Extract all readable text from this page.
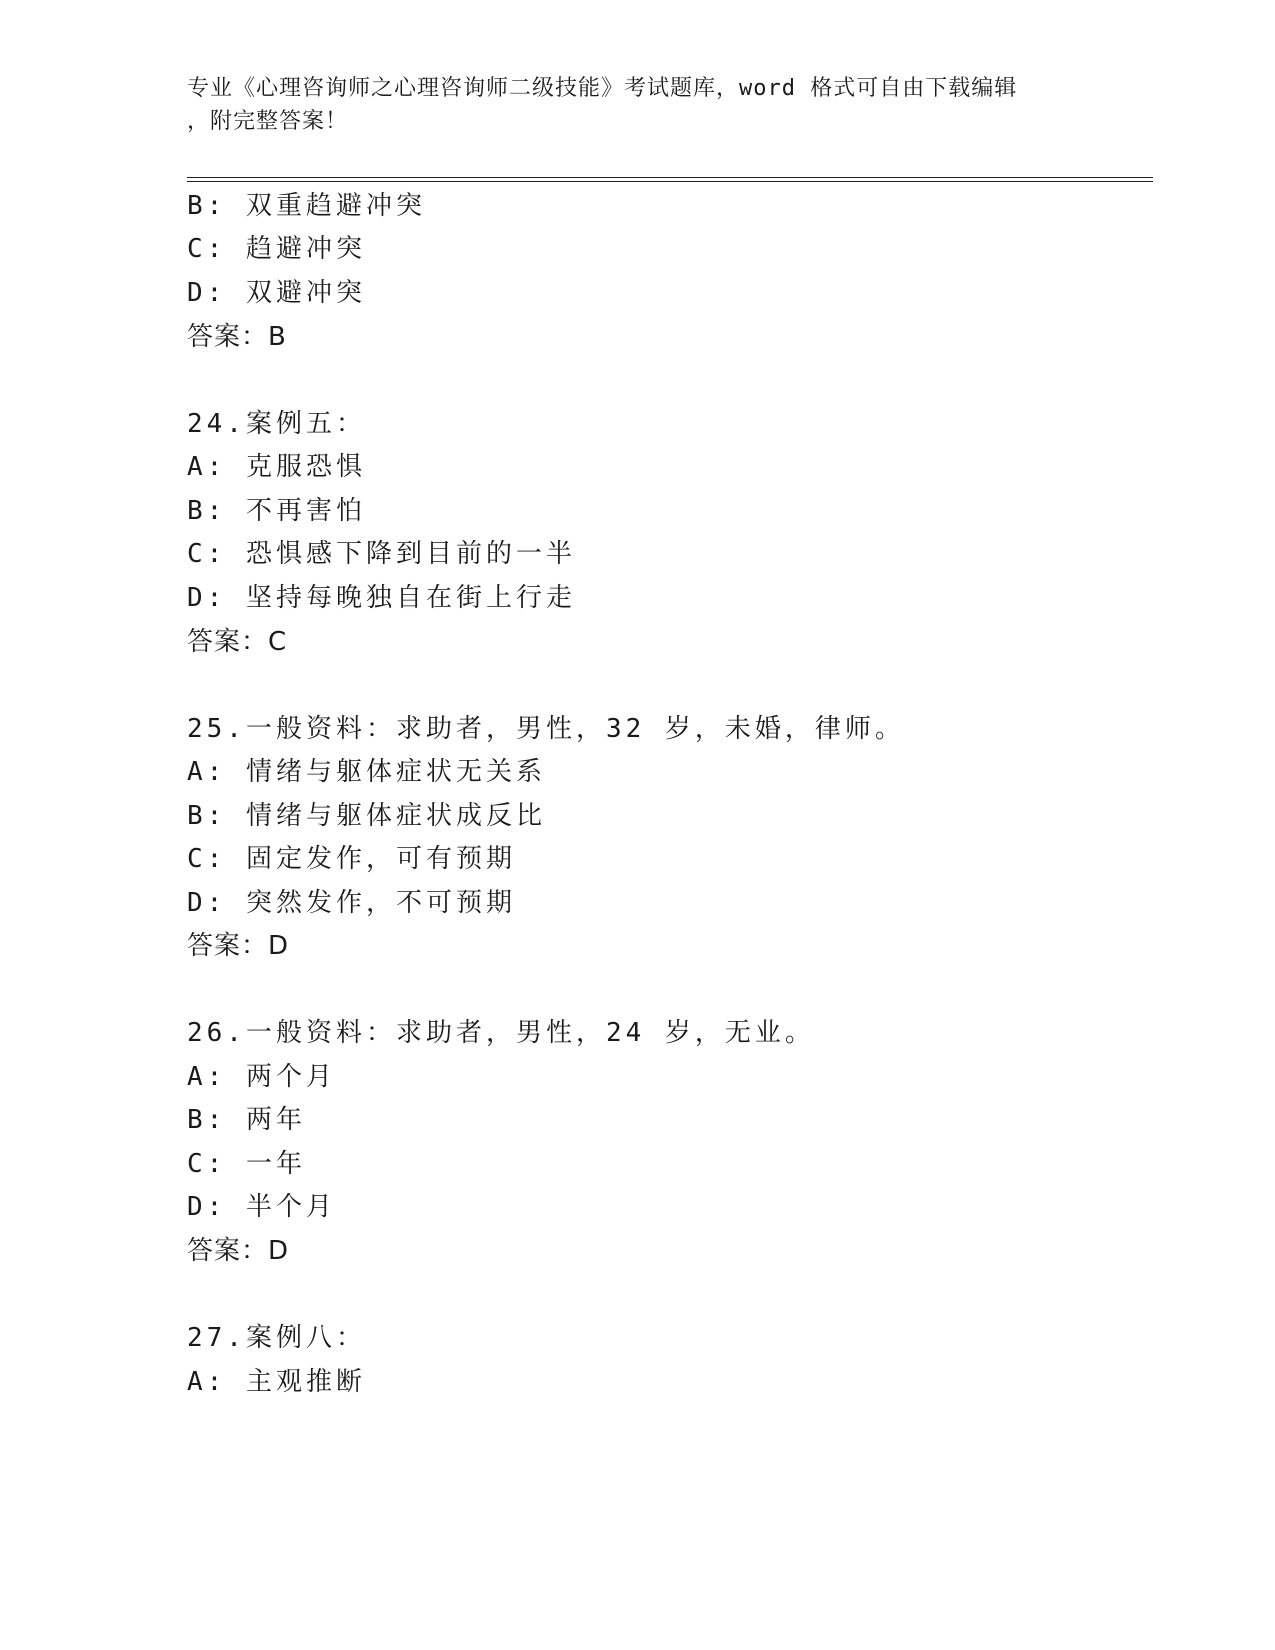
专业《心理咨询师之心理咨询师二级技能》考试题库，word 格式可自由下载编辑
，附完整答案！
B: 双重趋避冲突
C: 趋避冲突
D: 双避冲突
答案：B
24.案例五：
A: 克服恐惧
B: 不再害怕
C: 恐惧感下降到目前的一半
D: 坚持每晚独自在街上行走
答案：C
25.一般资料：求助者，男性，32 岁，未婚，律师。
A: 情绪与躯体症状无关系
B: 情绪与躯体症状成反比
C: 固定发作，可有预期
D: 突然发作，不可预期
答案：D
26.一般资料：求助者，男性，24 岁，无业。
A: 两个月
B: 两年
C: 一年
D: 半个月
答案：D
27.案例八：
A: 主观推断
